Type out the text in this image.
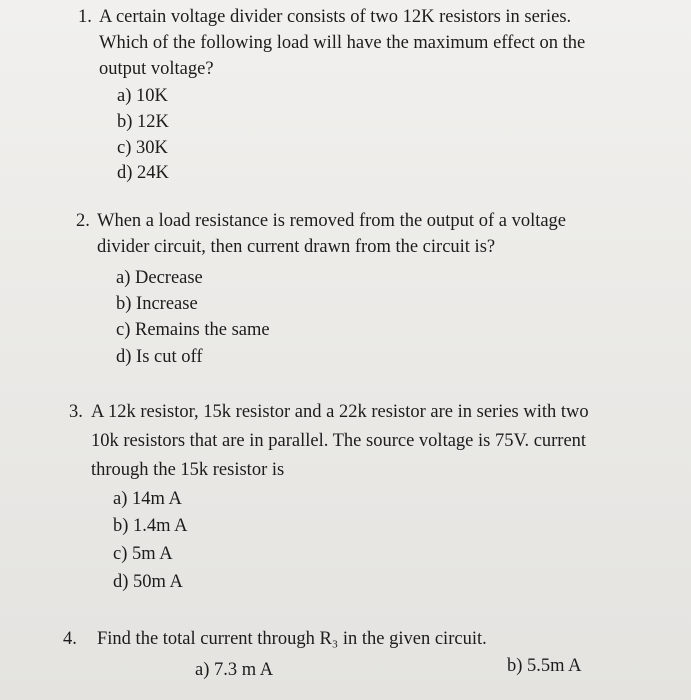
1. A certain voltage divider consists of two 12K resistors in series.
Which of the following load will have the maximum effect on the
output voltage?
a) 10K
b) 12K
c) 30K
d) 24K
2. When a load resistance is removed from the output of a voltage
divider circuit, then current drawn from the circuit is?
a) Decrease
b) Increase
c) Remains the same
d) Is cut off
3. A 12k resistor, 15k resistor and a 22k resistor are in series with two
10k resistors that are in parallel. The source voltage is 75V. current
through the 15k resistor is
a) 14m A
b) 1.4m A
c) 5m A
d) 50m A
4. Find the total current through R₃ in the given circuit.
a) 7.3 m A	b) 5.5m A
